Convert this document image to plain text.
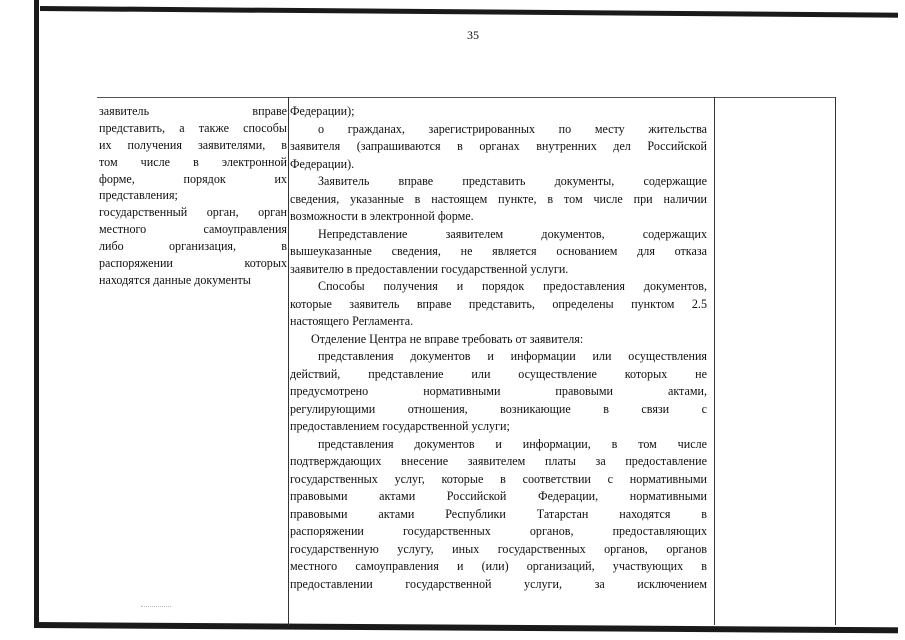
35
заявитель вправе
представить, а также способы
их получения заявителями, в
том числе в электронной
форме, порядок их
представления;
государственный орган, орган
местного самоуправления
либо организация, в
распоряжении которых
находятся данные документы
Федерации);
о гражданах, зарегистрированных по месту жительства
заявителя (запрашиваются в органах внутренних дел Российской
Федерации).
Заявитель вправе представить документы, содержащие
сведения, указанные в настоящем пункте, в том числе при наличии
возможности в электронной форме.
Непредставление заявителем документов, содержащих
вышеуказанные сведения, не является основанием для отказа
заявителю в предоставлении государственной услуги.
Способы получения и порядок предоставления документов,
которые заявитель вправе представить, определены пунктом 2.5
настоящего Регламента.
Отделение Центра не вправе требовать от заявителя:
представления документов и информации или осуществления
действий, представление или осуществление которых не
предусмотрено нормативными правовыми актами,
регулирующими отношения, возникающие в связи с
предоставлением государственной услуги;
представления документов и информации, в том числе
подтверждающих внесение заявителем платы за предоставление
государственных услуг, которые в соответствии с нормативными
правовыми актами Российской Федерации, нормативными
правовыми актами Республики Татарстан находятся в
распоряжении государственных органов, предоставляющих
государственную услугу, иных государственных органов, органов
местного самоуправления и (или) организаций, участвующих в
предоставлении государственной услуги, за исключением
